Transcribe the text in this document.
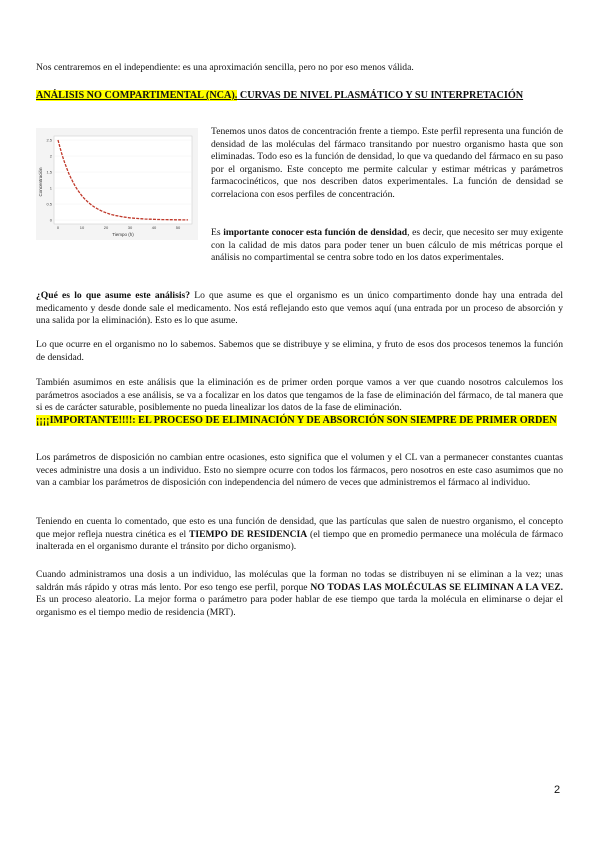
Nos centraremos en el independiente: es una aproximación sencilla, pero no por eso menos válida.

ANÁLISIS NO COMPARTIMENTAL (NCA). CURVAS DE NIVEL PLASMÁTICO Y SU INTERPRETACIÓN

2.5
2
1.5
1
0.5
0
0	10	20	30	40	50
Concentración
Tiempo (h)

Tenemos unos datos de concentración frente a tiempo. Este perfil representa una función de densidad de las moléculas del fármaco transitando por nuestro organismo hasta que son eliminadas. Todo eso es la función de densidad, lo que va quedando del fármaco en su paso por el organismo. Este concepto me permite calcular y estimar métricas y parámetros farmacocinéticos, que nos describen datos experimentales. La función de densidad se correlaciona con esos perfiles de concentración.

Es importante conocer esta función de densidad, es decir, que necesito ser muy exigente con la calidad de mis datos para poder tener un buen cálculo de mis métricas porque el análisis no compartimental se centra sobre todo en los datos experimentales.

¿Qué es lo que asume este análisis? Lo que asume es que el organismo es un único compartimento donde hay una entrada del medicamento y desde donde sale el medicamento. Nos está reflejando esto que vemos aquí (una entrada por un proceso de absorción y una salida por la eliminación). Esto es lo que asume.

Lo que ocurre en el organismo no lo sabemos. Sabemos que se distribuye y se elimina, y fruto de esos dos procesos tenemos la función de densidad.

También asumimos en este análisis que la eliminación es de primer orden porque vamos a ver que cuando nosotros calculemos los parámetros asociados a ese análisis, se va a focalizar en los datos que tengamos de la fase de eliminación del fármaco, de tal manera que si es de carácter saturable, posiblemente no pueda linealizar los datos de la fase de eliminación.

¡¡¡¡IMPORTANTE!!!!: EL PROCESO DE ELIMINACIÓN Y DE ABSORCIÓN SON SIEMPRE DE PRIMER ORDEN

Los parámetros de disposición no cambian entre ocasiones, esto significa que el volumen y el CL van a permanecer constantes cuantas veces administre una dosis a un individuo. Esto no siempre ocurre con todos los fármacos, pero nosotros en este caso asumimos que no van a cambiar los parámetros de disposición con independencia del número de veces que administremos el fármaco al individuo.

Teniendo en cuenta lo comentado, que esto es una función de densidad, que las partículas que salen de nuestro organismo, el concepto que mejor refleja nuestra cinética es el TIEMPO DE RESIDENCIA (el tiempo que en promedio permanece una molécula de fármaco inalterada en el organismo durante el tránsito por dicho organismo).

Cuando administramos una dosis a un individuo, las moléculas que la forman no todas se distribuyen ni se eliminan a la vez; unas saldrán más rápido y otras más lento. Por eso tengo ese perfil, porque NO TODAS LAS MOLÉCULAS SE ELIMINAN A LA VEZ. Es un proceso aleatorio. La mejor forma o parámetro para poder hablar de ese tiempo que tarda la molécula en eliminarse o dejar el organismo es el tiempo medio de residencia (MRT).

2
